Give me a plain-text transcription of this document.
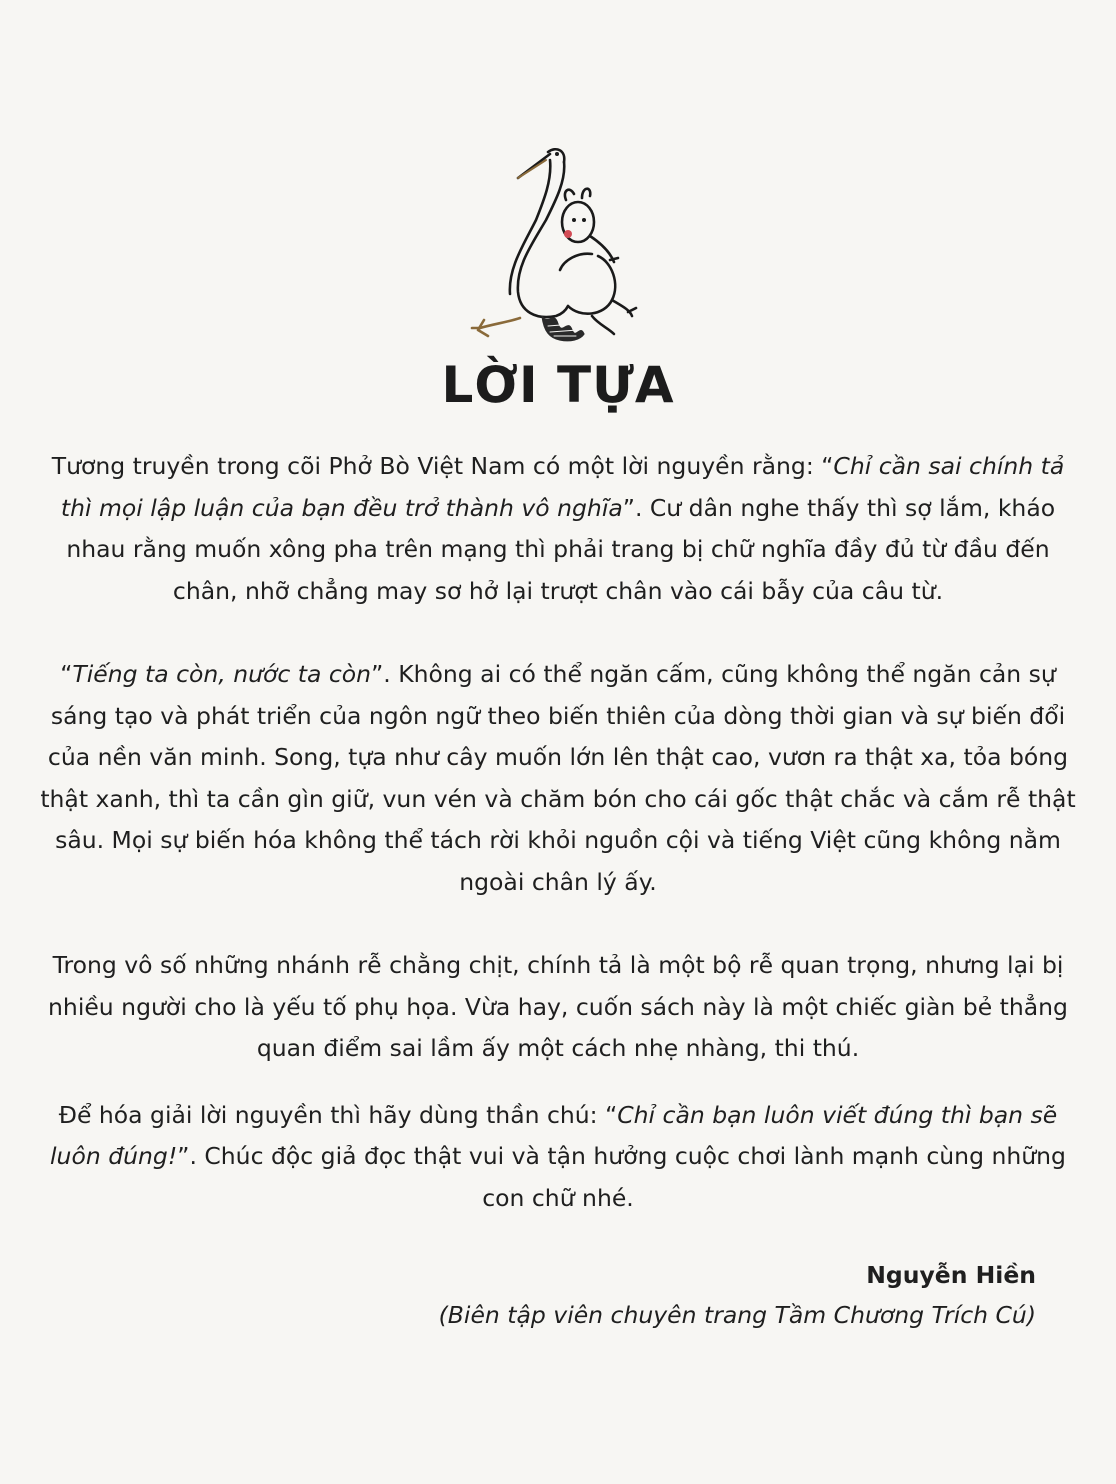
LỜI TỰA

Tương truyền trong cõi Phở Bò Việt Nam có một lời nguyền rằng: “Chỉ cần sai chính tả thì mọi lập luận của bạn đều trở thành vô nghĩa”. Cư dân nghe thấy thì sợ lắm, kháo nhau rằng muốn xông pha trên mạng thì phải trang bị chữ nghĩa đầy đủ từ đầu đến chân, nhỡ chẳng may sơ hở lại trượt chân vào cái bẫy của câu từ.

“Tiếng ta còn, nước ta còn”. Không ai có thể ngăn cấm, cũng không thể ngăn cản sự sáng tạo và phát triển của ngôn ngữ theo biến thiên của dòng thời gian và sự biến đổi của nền văn minh. Song, tựa như cây muốn lớn lên thật cao, vươn ra thật xa, tỏa bóng thật xanh, thì ta cần gìn giữ, vun vén và chăm bón cho cái gốc thật chắc và cắm rễ thật sâu. Mọi sự biến hóa không thể tách rời khỏi nguồn cội và tiếng Việt cũng không nằm ngoài chân lý ấy.

Trong vô số những nhánh rễ chằng chịt, chính tả là một bộ rễ quan trọng, nhưng lại bị nhiều người cho là yếu tố phụ họa. Vừa hay, cuốn sách này là một chiếc giàn bẻ thẳng quan điểm sai lầm ấy một cách nhẹ nhàng, thi thú.

Để hóa giải lời nguyền thì hãy dùng thần chú: “Chỉ cần bạn luôn viết đúng thì bạn sẽ luôn đúng!”. Chúc độc giả đọc thật vui và tận hưởng cuộc chơi lành mạnh cùng những con chữ nhé.

Nguyễn Hiền
(Biên tập viên chuyên trang Tầm Chương Trích Cú)
